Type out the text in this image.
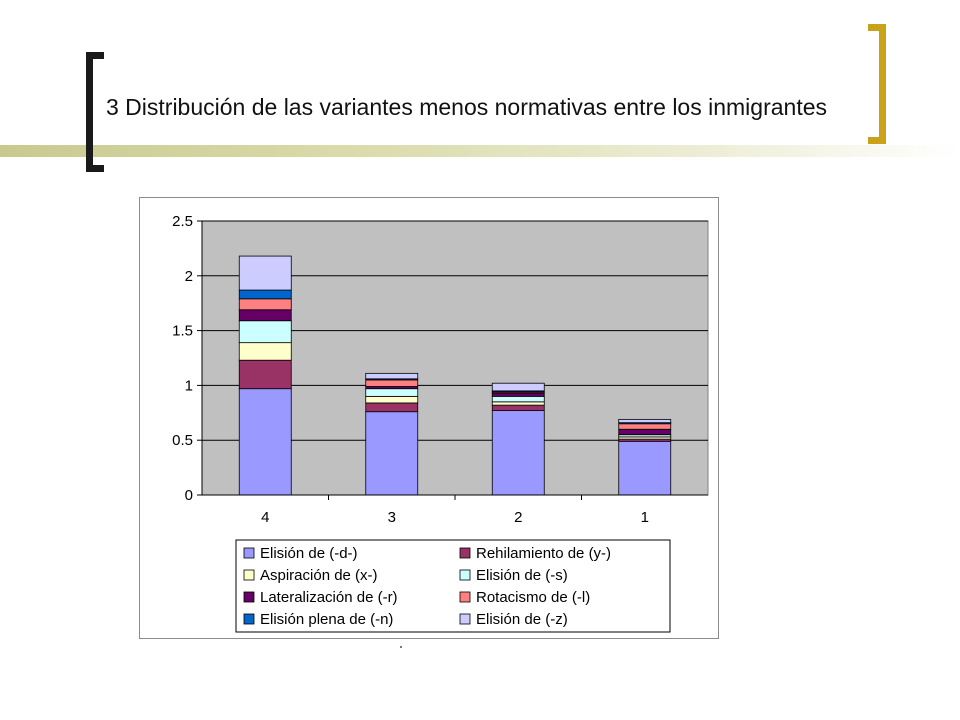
3 Distribución de las variantes menos normativas entre los inmigrantes
0
0.5
1
1.5
2
2.5
4	3	2	1
Elisión de (-d-)	Rehilamiento de (y-)
Aspiración de (x-)	Elisión de (-s)
Lateralización de (-r)	Rotacismo de (-l)
Elisión plena de (-n)	Elisión de (-z)
